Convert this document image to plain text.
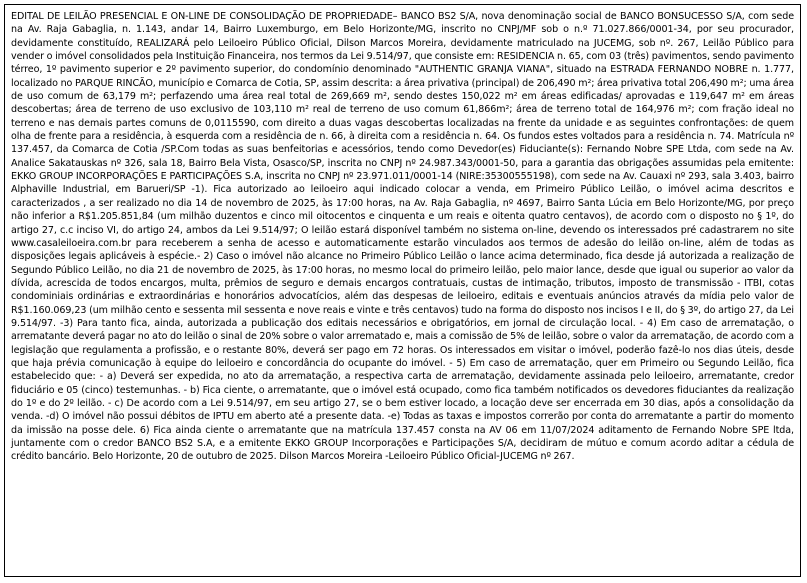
EDITAL DE LEILÃO PRESENCIAL E ON-LINE DE CONSOLIDAÇÃO DE PROPRIEDADE– BANCO BS2 S/A, nova denominação social de BANCO BONSUCESSO S/A, com sede na Av. Raja Gabaglia, n. 1.143, andar 14, Bairro Luxemburgo, em Belo Horizonte/MG, inscrito no CNPJ/MF sob o n.º 71.027.866/0001-34, por seu procurador, devidamente constituído, REALIZARÁ pelo Leiloeiro Público Oficial, Dilson Marcos Moreira, devidamente matriculado na JUCEMG, sob nº. 267, Leilão Público para vender o imóvel consolidados pela Instituição Financeira, nos termos da Lei 9.514/97, que consiste em: RESIDENCIA n. 65, com 03 (três) pavimentos, sendo pavimento térreo, 1º pavimento superior e 2º pavimento superior, do condomínio denominado "AUTHENTIC GRANJA VIANA", situado na ESTRADA FERNANDO NOBRE n. 1.777, localizado no PARQUE RINCÃO, município e Comarca de Cotia, SP, assim descrita: a área privativa (principal) de 206,490 m²; área privativa total 206,490 m²; uma área de uso comum de 63,179 m²; perfazendo uma área real total de 269,669 m², sendo destes 150,022 m² em áreas edificadas/ aprovadas e 119,647 m² em áreas descobertas; área de terreno de uso exclusivo de 103,110 m² real de terreno de uso comum 61,866m²; área de terreno total de 164,976 m²; com fração ideal no terreno e nas demais partes comuns de 0,0115590, com direito a duas vagas descobertas localizadas na frente da unidade e as seguintes confrontações: de quem olha de frente para a residência, à esquerda com a residência de n. 66, à direita com a residência n. 64. Os fundos estes voltados para a residência n. 74. Matrícula nº 137.457, da Comarca de Cotia /SP.Com todas as suas benfeitorias e acessórios, tendo como Devedor(es) Fiduciante(s): Fernando Nobre SPE Ltda, com sede na Av. Analice Sakatauskas nº 326, sala 18, Bairro Bela Vista, Osasco/SP, inscrita no CNPJ nº 24.987.343/0001-50, para a garantia das obrigações assumidas pela emitente: EKKO GROUP INCORPORAÇÕES E PARTICIPAÇÕES S.A, inscrita no CNPJ nº 23.971.011/0001-14 (NIRE:35300555198), com sede na Av. Cauaxi nº 293, sala 3.403, bairro Alphaville Industrial, em Barueri/SP -1). Fica autorizado ao leiloeiro aqui indicado colocar a venda, em Primeiro Público Leilão, o imóvel acima descritos e caracterizados , a ser realizado no dia 14 de novembro de 2025, às 17:00 horas, na Av. Raja Gabaglia, nº 4697, Bairro Santa Lúcia em Belo Horizonte/MG, por preço não inferior a R$1.205.851,84 (um milhão duzentos e cinco mil oitocentos e cinquenta e um reais e oitenta quatro centavos), de acordo com o disposto no § 1º, do artigo 27, c.c inciso VI, do artigo 24, ambos da Lei 9.514/97; O leilão estará disponível também no sistema on-line, devendo os interessados pré cadastrarem no site www.casaleiloeira.com.br para receberem a senha de acesso e automaticamente estarão vinculados aos termos de adesão do leilão on-line, além de todas as disposições legais aplicáveis à espécie.- 2) Caso o imóvel não alcance no Primeiro Público Leilão o lance acima determinado, fica desde já autorizada a realização de Segundo Público Leilão, no dia 21 de novembro de 2025, às 17:00 horas, no mesmo local do primeiro leilão, pelo maior lance, desde que igual ou superior ao valor da dívida, acrescida de todos encargos, multa, prêmios de seguro e demais encargos contratuais, custas de intimação, tributos, imposto de transmissão - ITBI, cotas condominiais ordinárias e extraordinárias e honorários advocatícios, além das despesas de leiloeiro, editais e eventuais anúncios através da mídia pelo valor de R$1.160.069,23 (um milhão cento e sessenta mil sessenta e nove reais e vinte e três centavos) tudo na forma do disposto nos incisos I e II, do § 3º, do artigo 27, da Lei 9.514/97. -3) Para tanto fica, ainda, autorizada a publicação dos editais necessários e obrigatórios, em jornal de circulação local. - 4) Em caso de arrematação, o arrematante deverá pagar no ato do leilão o sinal de 20% sobre o valor arrematado e, mais a comissão de 5% de leilão, sobre o valor da arrematação, de acordo com a legislação que regulamenta a profissão, e o restante 80%, deverá ser pago em 72 horas. Os interessados em visitar o imóvel, poderão fazê-lo nos dias úteis, desde que haja prévia comunicação à equipe do leiloeiro e concordância do ocupante do imóvel. - 5) Em caso de arrematação, quer em Primeiro ou Segundo Leilão, fica estabelecido que: - a) Deverá ser expedida, no ato da arrematação, a respectiva carta de arrematação, devidamente assinada pelo leiloeiro, arrematante, credor fiduciário e 05 (cinco) testemunhas. - b) Fica ciente, o arrematante, que o imóvel está ocupado, como fica também notificados os devedores fiduciantes da realização do 1º e do 2º leilão. - c) De acordo com a Lei 9.514/97, em seu artigo 27, se o bem estiver locado, a locação deve ser encerrada em 30 dias, após a consolidação da venda. -d) O imóvel não possui débitos de IPTU em aberto até a presente data. -e) Todas as taxas e impostos correrão por conta do arrematante a partir do momento da imissão na posse dele. 6) Fica ainda ciente o arrematante que na matrícula 137.457 consta na AV 06 em 11/07/2024 aditamento de Fernando Nobre SPE ltda, juntamente com o credor BANCO BS2 S.A, e a emitente EKKO GROUP Incorporações e Participações S/A, decidiram de mútuo e comum acordo aditar a cédula de crédito bancário. Belo Horizonte, 20 de outubro de 2025. Dilson Marcos Moreira -Leiloeiro Público Oficial-JUCEMG nº 267.
